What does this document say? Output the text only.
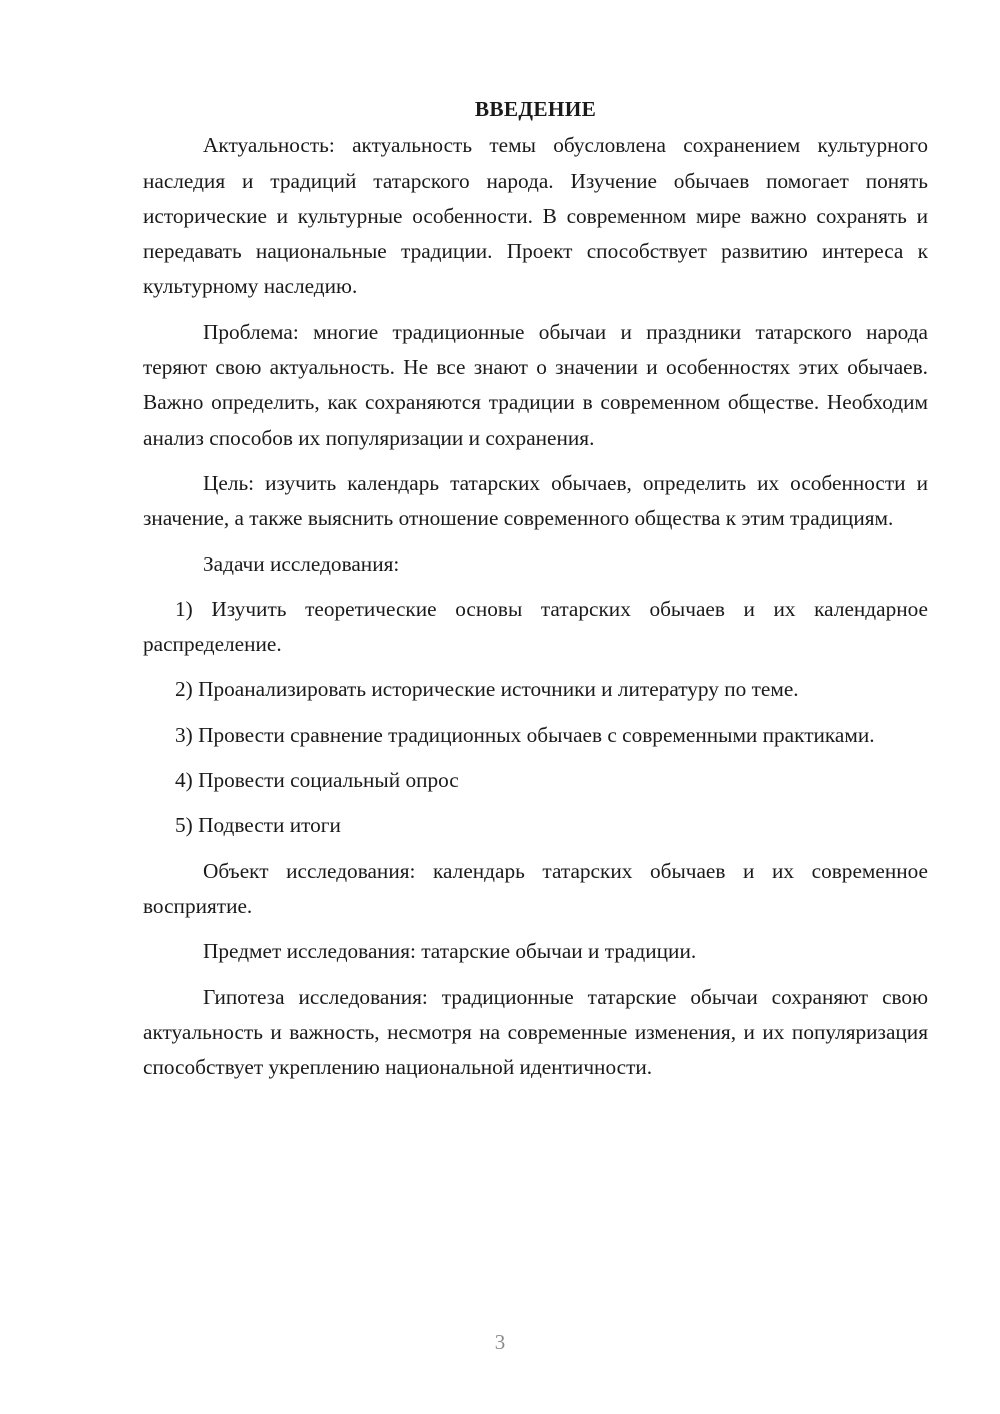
ВВЕДЕНИЕ

Актуальность: актуальность темы обусловлена сохранением культурного наследия и традиций татарского народа. Изучение обычаев помогает понять исторические и культурные особенности. В современном мире важно сохранять и передавать национальные традиции. Проект способствует развитию интереса к культурному наследию.

Проблема: многие традиционные обычаи и праздники татарского народа теряют свою актуальность. Не все знают о значении и особенностях этих обычаев. Важно определить, как сохраняются традиции в современном обществе. Необходим анализ способов их популяризации и сохранения.

Цель: изучить календарь татарских обычаев, определить их особенности и значение, а также выяснить отношение современного общества к этим традициям.

Задачи исследования:

1) Изучить теоретические основы татарских обычаев и их календарное распределение.

2) Проанализировать исторические источники и литературу по теме.

3) Провести сравнение традиционных обычаев с современными практиками.

4) Провести социальный опрос

5) Подвести итоги

Объект исследования: календарь татарских обычаев и их современное восприятие.

Предмет исследования: татарские обычаи и традиции.

Гипотеза исследования: традиционные татарские обычаи сохраняют свою актуальность и важность, несмотря на современные изменения, и их популяризация способствует укреплению национальной идентичности.

3
